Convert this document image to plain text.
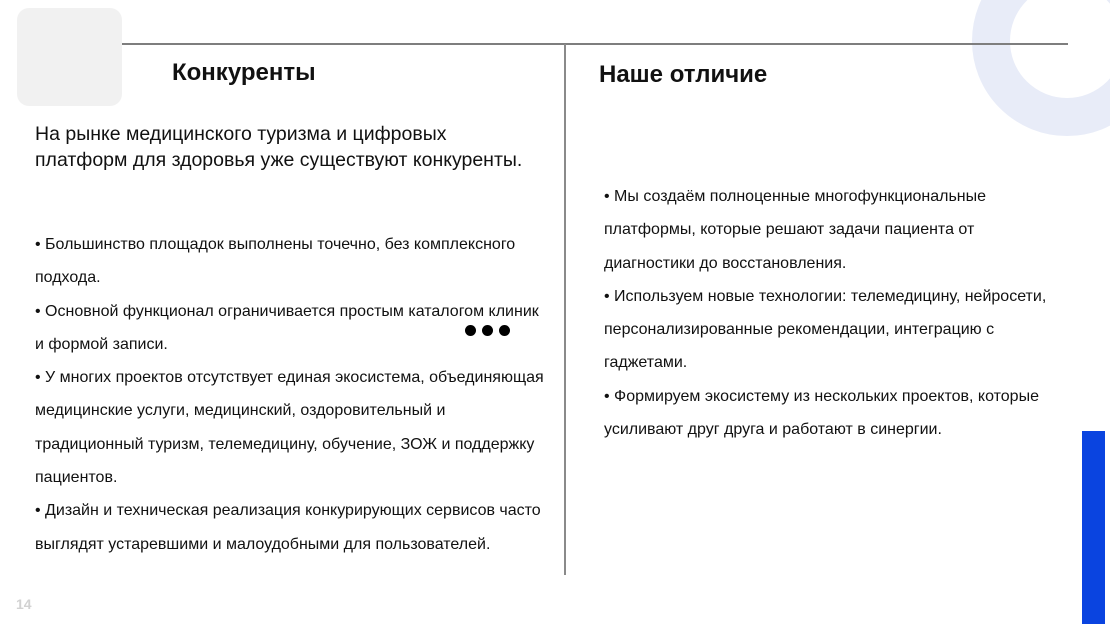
Конкуренты	Наше отличие

На рынке медицинского туризма и цифровых платформ для здоровья уже существуют конкуренты.

• Большинство площадок выполнены точечно, без комплексного подхода.

• Основной функционал ограничивается простым каталогом клиник и формой записи.

• У многих проектов отсутствует единая экосистема, объединяющая медицинские услуги, медицинский, оздоровительный и традиционный туризм, телемедицину, обучение, ЗОЖ и поддержку пациентов.

• Дизайн и техническая реализация конкурирующих сервисов часто выглядят устаревшими и малоудобными для пользователей.

• Мы создаём полноценные многофункциональные платформы, которые решают задачи пациента от диагностики до восстановления.

• Используем новые технологии: телемедицину, нейросети, персонализированные рекомендации, интеграцию с гаджетами.

• Формируем экосистему из нескольких проектов, которые усиливают друг друга и работают в синергии.

14
